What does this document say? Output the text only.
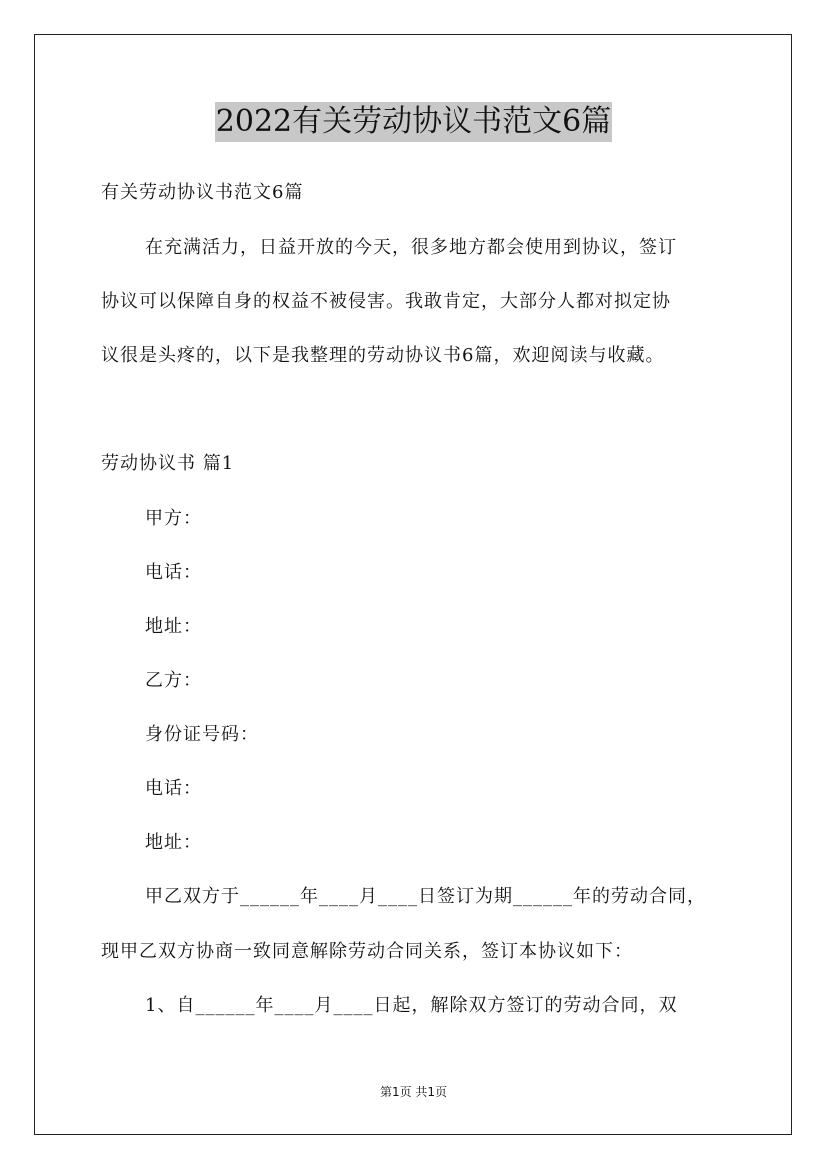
2022有关劳动协议书范文6篇
有关劳动协议书范文6篇
在充满活力，日益开放的今天，很多地方都会使用到协议，签订
协议可以保障自身的权益不被侵害。我敢肯定，大部分人都对拟定协
议很是头疼的，以下是我整理的劳动协议书6篇，欢迎阅读与收藏。
劳动协议书 篇1
甲方：
电话：
地址：
乙方：
身份证号码：
电话：
地址：
甲乙双方于______年____月____日签订为期______年的劳动合同，
现甲乙双方协商一致同意解除劳动合同关系，签订本协议如下：
1、自______年____月____日起，解除双方签订的劳动合同，双
第1页 共1页
